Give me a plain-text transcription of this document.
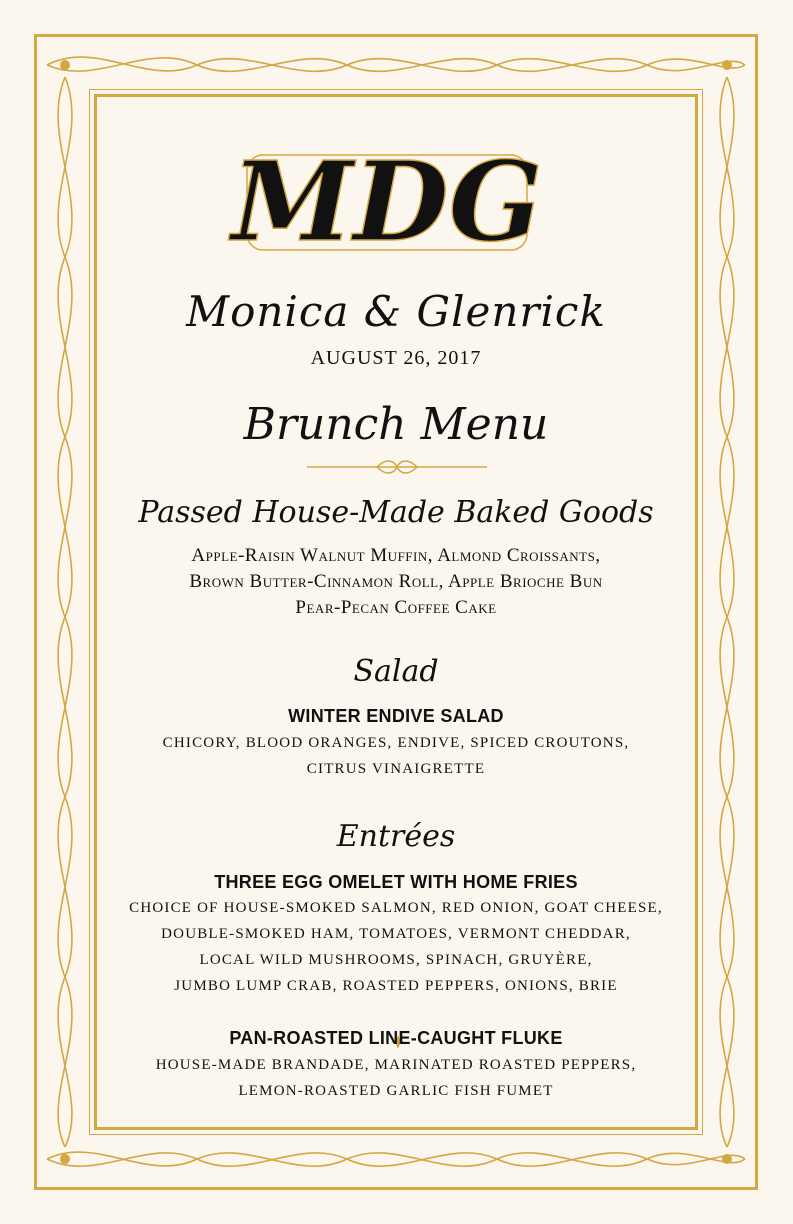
MDG
Monica & Glenrick
AUGUST 26, 2017
Brunch Menu
Passed House-Made Baked Goods
Apple-Raisin Walnut Muffin, Almond Croissants,
Brown Butter-Cinnamon Roll, Apple Brioche Bun
Pear-Pecan Coffee Cake
Salad
WINTER ENDIVE SALAD
CHICORY, BLOOD ORANGES, ENDIVE, SPICED CROUTONS,
CITRUS VINAIGRETTE
Entrées
THREE EGG OMELET WITH HOME FRIES
CHOICE OF HOUSE-SMOKED SALMON, RED ONION, GOAT CHEESE,
DOUBLE-SMOKED HAM, TOMATOES, VERMONT CHEDDAR,
LOCAL WILD MUSHROOMS, SPINACH, GRUYÈRE,
JUMBO LUMP CRAB, ROASTED PEPPERS, ONIONS, BRIE
PAN-ROASTED LINE-CAUGHT FLUKE
HOUSE-MADE BRANDADE, MARINATED ROASTED PEPPERS,
LEMON-ROASTED GARLIC FISH FUMET
